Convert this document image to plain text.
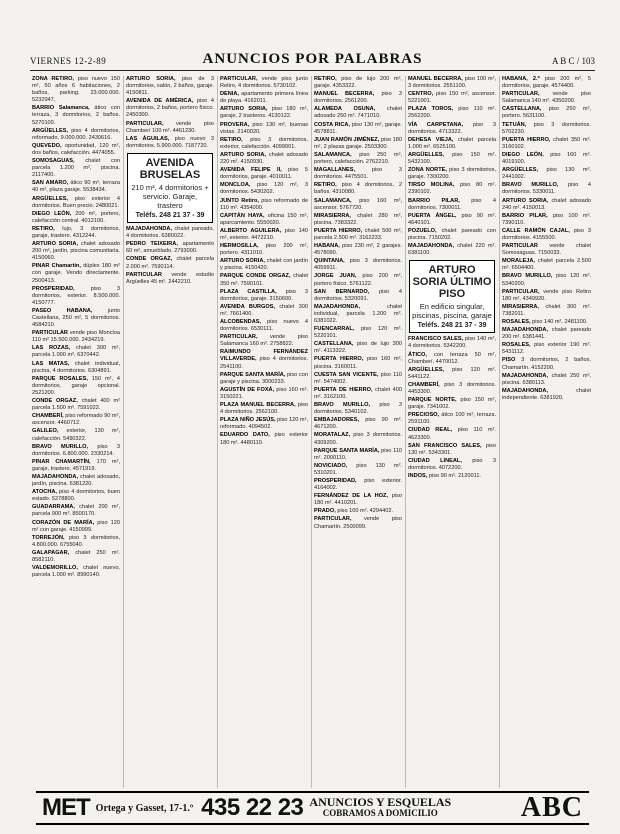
VIERNES 12-2-89	ANUNCIOS POR PALABRAS	A B C / 103
ZONA RETIRO, piso nuevo 150 m², 50 años 6 habitaciones, 2 baños, parking. 23.000.000. 5232947.
BARRIO Salamanca, ático con terraza, 3 dormitorios, 2 baños. 5270100.
ARGÜELLES, piso 4 dormitorios, reformado, 9.000.000. 2430616.
QUEVEDO, oportunidad, 120 m², dos baños, calefacción. 4474055.
SOMOSAGUAS, chalet con parcela 1.200 m², piscina. 2117400.
SAN AMARO, ático 90 m², terraza 40 m², plaza garaje. 5538434.
ARGÜELLES, piso exterior 4 dormitorios. Buen precio. 2480021.
DIEGO LEÓN, 200 m², portero, calefacción central. 4012100.
RETIRO, lujo, 3 dormitorios, garaje, trastero. 4312244.
ARTURO SORIA, chalet adosado 200 m², jardín, piscina comunitaria. 4150060.
PINAR Chamartín, dúplex 180 m² con garaje. Vendo directamente. 2500413.
PROSPERIDAD,	piso 3 dormitorios, exterior. 8.500.000. 4150777.
PASEO HABANA,	junto Castellana, 250 m², 5 dormitorios. 4584210.
PARTICULAR vende piso Moncloa 110 m² 15.500.000. 2434219.
LAS ROZAS, chalet 300 m², parcela 1.000 m². 6370442.
LAS MATAS, chalet individual, piscina, 4 dormitorios. 6304891.
PARQUE ROSALES, 150 m², 4 dormitorios, garaje opcional. 2521200.
CONDE ORGAZ, chalet 400 m² parcela 1.500 m². 7591022.
CHAMBERÍ, piso reformado 90 m², ascensor. 4460712.
GALILEO, exterior, 130 m², calefacción. 5490322.
BRAVO MURILLO, piso 3 dormitorios. 6.800.000. 2330214.
PINAR CHAMARTÍN, 170 m², garaje, trastero. 4571919.
MAJADAHONDA, chalet adosado, jardín, piscina. 6381220.
ATOCHA, piso 4 dormitorios, buen estado. 5278800.
GUADARRAMA, chalet 200 m², parcela 900 m². 8500170.
CORAZÓN DE MARÍA, piso 120 m² con garaje. 4150999.
TORREJÓN, piso 3 dormitorios, 4.800.000. 6755040.
GALAPAGAR, chalet 250 m². 8582110.
VALDEMORILLO, chalet nuevo, parcela 1.000 m². 8990140.
ARTURO SORIA, piso de 3 dormitorios, salón, 2 baños, garaje. 4150811.
AVENIDA DE AMÉRICA, piso 4 dormitorios, 2 baños, portero físico. 2450300.
PARTICULAR, vende piso Chamberí 100 m². 4461230.
LAS ÁGUILAS, piso nuevo 3 dormitorios. 5.900.000. 7187720.
AVENIDA BRUSELAS
210 m², 4 dormitorios + servicio. Garaje, trastero
Teléfs. 248 21 37 - 39
MAJADAHONDA, chalet pareado, 4 dormitorios. 6380022.
PEDRO TEIXEIRA, apartamento 60 m², amueblado. 2793000.
CONDE ORGAZ, chalet parcela 2.000 m². 7590114.
PARTICULAR vende estudio Argüelles 45 m². 2442210.
PARTICULAR, vende piso junto Retiro, 4 dormitorios. 5730102.
DENIA, apartamento primera línea de playa. 4162011.
ARTURO SORIA, piso 180 m², garaje, 2 trasteros. 4130122.
PROVERA, piso 130 m², buenas vistas. 2140020.
RETIRO, piso 3 dormitorios, exterior, calefacción. 4099001.
ARTURO SORIA, chalet adosado 220 m². 4150930.
AVENIDA FELIPE II, piso 5 dormitorios, garaje. 4010011.
MONCLOA, piso 120 m², 3 dormitorios. 5430202.
JUNTO Retiro, piso reformado de 110 m². 4354000.
CAPITÁN HAYA, oficina 150 m², aparcamiento. 5550020.
ALBERTO AGUILERA, piso 140 m², exterior. 4472210.
HERMOSILLA, piso 200 m², portero. 4311010.
ARTURO SORIA, chalet con jardín y piscina. 4150420.
PARQUE CONDE ORGAZ, chalet 350 m². 7590101.
PLAZA CASTILLA, piso 3 dormitorios, garaje. 3150600.
AVENIDA BURGOS, chalet 300 m². 7661400.
ALCOBENDAS, piso nuevo 4 dormitorios. 6530111.
PARTICULAR, vende piso Salamanca 160 m². 2758822.
RAIMUNDO FERNÁNDEZ VILLAVERDE, piso 4 dormitorios. 2541100.
PARQUE SANTA MARÍA, piso con garaje y piscina. 3000233.
AGUSTÍN DE FOXÁ, piso 160 m². 3150221.
PLAZA MANUEL BECERRA, piso 4 dormitorios. 2562100.
PLAZA NIÑO JESÚS, piso 120 m², reformado. 4094502.
EDUARDO DATO, piso exterior 180 m². 4480110.
RETIRO, piso de lujo 200 m², garaje. 4353322.
MANUEL BECERRA, piso 3 dormitorios. 2561200.
ALAMEDA OSUNA, chalet adosado 250 m². 7471010.
COSTA RICA, piso 130 m², garaje. 4578811.
JUAN RAMÓN JIMÉNEZ, piso 180 m², 2 plazas garaje. 2503300.
SALAMANCA, piso 250 m², portero, calefacción. 2762210.
MAGALLANES,	piso 3 dormitorios. 4475501.
RETIRO, piso 4 dormitorios, 2 baños. 4310080.
SALAMANCA, piso 160 m², ascensor. 5767720.
MIRASIERRA, chalet 280 m², piscina. 7383322.
PUERTA HIERRO, chalet 500 m², parcela 2.500 m². 3162233.
HABANA, piso 230 m², 2 garajes. 4578090.
QUINTANA, piso 3 dormitorios. 4059911.
JORGE JUAN, piso 200 m², portero físico. 5761122.
SAN BERNARDO, piso 4 dormitorios. 5320091.
MAJADAHONDA,	chalet individual, parcela 1.200 m². 6381022.
FUENCARRAL, piso 120 m². 5220101.
CASTELLANA, piso de lujo 300 m². 4113322.
PUERTA HIERRO, piso 160 m², piscina. 3160011.
CUESTA SAN VICENTE, piso 110 m². 5474002.
PUERTA DE HIERRO, chalet 400 m². 3162100.
BRAVO MURILLO, piso 3 dormitorios. 5340102.
EMBAJADORES, piso 90 m². 4671200.
MORATALAZ, piso 3 dormitorios. 4309200.
PARQUE SANTA MARÍA, piso 110 m². 2000110.
NOVICIADO, piso 130 m². 5310201.
PROSPERIDAD, piso exterior. 4164002.
FERNÁNDEZ DE LA HOZ, piso 180 m². 4410201.
PRADO, piso 100 m². 4294402.
PARTICULAR, vende piso Chamartín. 2500099.
MANUEL BECERRA, piso 100 m², 3 dormitorios. 2551100.
CENTRO, piso 150 m², ascensor. 5221001.
PLAZA TOROS, piso 110 m². 2562200.
VÍA CARPETANA, piso 3 dormitorios. 4713322.
DEHESA VIEJA, chalet parcela 1.000 m². 6525100.
ARGÜELLES, piso 150 m². 5432100.
ZONA NORTE, piso 3 dormitorios, garaje. 7300200.
TIRSO MOLINA, piso 80 m². 2390102.
BARRIO PILAR, piso 4 dormitorios. 7300011.
PUERTA ÁNGEL, piso 90 m². 4640101.
POZUELO, chalet pareado con piscina. 7150202.
MAJADAHONDA, chalet 220 m². 6381100.
ARTURO SORIA ÚLTIMO PISO
En edificio singular, piscinas, piscina, garaje
Teléfs. 248 21 37 - 39
FRANCISCO SALES, piso 140 m², 4 dormitorios. 5342200.
ÁTICO, con terraza 50 m², Chamberí. 4470012.
ARGÜELLES, piso 120 m². 5441122.
CHAMBERÍ, piso 3 dormitorios. 4453300.
PARQUE NORTE, piso 150 m², garaje. 7341002.
PRECIOSO, ático 100 m², terraza. 2591100.
CIUDAD REAL, piso 110 m². 4623300.
SAN FRANCISCO SALES, piso 130 m². 5343301.
CIUDAD LINEAL, piso 3 dormitorios. 4072200.
INDOS, piso 90 m². 2120011.
HABANA, 2.º piso 200 m², 5 dormitorios, garaje. 4574400.
PARTICULAR, vende piso Salamanca 140 m². 4350200.
CASTELLANA, piso 250 m², portero. 5631100.
TETUÁN, piso 3 dormitorios. 5702230.
PUERTA HIERRO, chalet 350 m². 3160102.
DIEGO LEÓN, piso 160 m². 4019100.
ARGÜELLES, piso 130 m². 2441002.
BRAVO MURILLO, piso 4 dormitorios. 5330011.
ARTURO SORIA, chalet adosado 240 m². 4150013.
BARRIO PILAR, piso 100 m². 7390110.
CALLE RAMÓN CAJAL, piso 3 dormitorios. 4155500.
PARTICULAR vende chalet Somosaguas. 7150033.
MORALEJA, chalet parcela 2.500 m². 6504400.
BRAVO MURILLO, piso 120 m². 5340200.
PARTICULAR, vende piso Retiro 180 m². 4349920.
MIRASIERRA, chalet 300 m². 7382011.
ROSALES, piso 140 m². 2481100.
MAJADAHONDA, chalet pareado 200 m². 6381441.
ROSALES, piso exterior 190 m². 5431112.
PISO 3 dormitorios, 2 baños, Chamartín. 4152200.
MAJADAHONDA, chalet 250 m², piscina. 6380113.
MAJADAHONDA,	chalet independiente. 6381920.
MET Ortega y Gasset, 17-1.º 435 22 23 ANUNCIOS Y ESQUELAS
COBRAMOS A DOMICILIO	ABC
